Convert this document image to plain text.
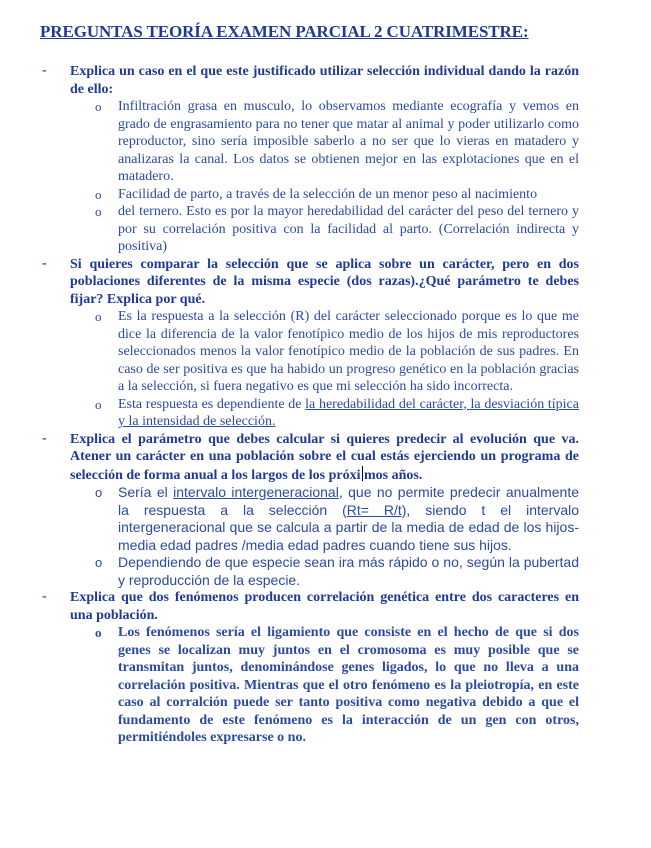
PREGUNTAS TEORÍA EXAMEN PARCIAL 2 CUATRIMESTRE:
- Explica un caso en el que este justificado utilizar selección individual dando la razón de ello:

o Infiltración grasa en musculo, lo observamos mediante ecografía y vemos en grado de engrasamiento para no tener que matar al animal y poder utilizarlo como reproductor, sino sería imposible saberlo a no ser que lo vieras en matadero y analizaras la canal. Los datos se obtienen mejor en las explotaciones que en el matadero.
o Facilidad de parto, a través de la selección de un menor peso al nacimiento
o del ternero. Esto es por la mayor heredabilidad del carácter del peso del ternero y por su correlación positiva con la facilidad al parto. (Correlación indirecta y positiva)
- Si quieres comparar la selección que se aplica sobre un carácter, pero en dos poblaciones diferentes de la misma especie (dos razas).¿Qué parámetro te debes fijar? Explica por qué.

o Es la respuesta a la selección (R) del carácter seleccionado porque es lo que me dice la diferencia de la valor fenotípico medio de los hijos de mis reproductores seleccionados menos la valor fenotípico medio de la población de sus padres. En caso de ser positiva es que ha habido un progreso genético en la población gracias a la selección, si fuera negativo es que mi selección ha sido incorrecta.
o Esta respuesta es dependiente de la heredabilidad del carácter, la desviación típica y la intensidad de selección.
- Explica el parámetro que debes calcular si quieres predecir al evolución que va. Atener un carácter en una población sobre el cual estás ejerciendo un programa de selección de forma anual a los largos de los próxi mos años.

o Sería el intervalo intergeneracional, que no permite predecir anualmente la respuesta a la selección (Rt= R/t), siendo t el intervalo intergeneracional que se calcula a partir de la media de edad de los hijos- media edad padres /media edad padres cuando tiene sus hijos.
o Dependiendo de que especie sean ira más rápido o no, según la pubertad y reproducción de la especie.
- Explica que dos fenómenos producen correlación genética entre dos caracteres en una población.

o Los fenómenos sería el ligamiento que consiste en el hecho de que si dos genes se localizan muy juntos en el cromosoma es muy posible que se transmitan juntos, denominándose genes ligados, lo que no lleva a una correlación positiva. Mientras que el otro fenómeno es la pleiotropía, en este caso al corralción puede ser tanto positiva como negativa debido a que el fundamento de este fenómeno es la interacción de un gen con otros, permitiéndoles expresarse o no.
